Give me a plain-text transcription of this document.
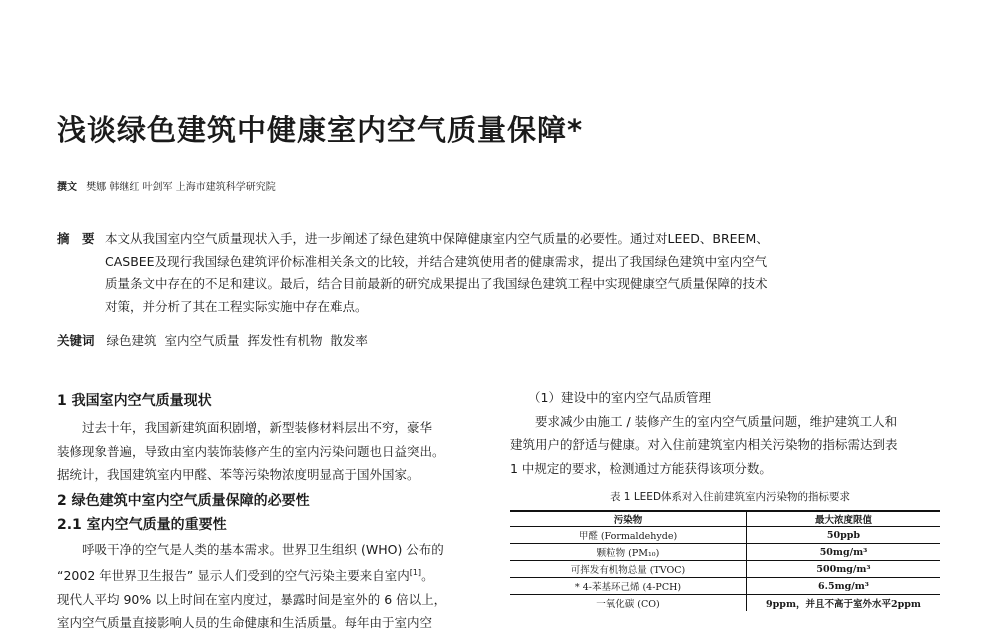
浅谈绿色建筑中健康室内空气质量保障*
撰文 樊娜 韩继红 叶剑军 上海市建筑科学研究院
摘　要 本文从我国室内空气质量现状入手，进一步阐述了绿色建筑中保障健康室内空气质量的必要性。通过对LEED、BREEM、
CASBEE及现行我国绿色建筑评价标准相关条文的比较，并结合建筑使用者的健康需求，提出了我国绿色建筑中室内空气
质量条文中存在的不足和建议。最后，结合目前最新的研究成果提出了我国绿色建筑工程中实现健康空气质量保障的技术
对策，并分析了其在工程实际实施中存在难点。
关键词 绿色建筑 室内空气质量 挥发性有机物 散发率
1 我国室内空气质量现状
过去十年，我国新建筑面积剧增，新型装修材料层出不穷，豪华
装修现象普遍，导致由室内装饰装修产生的室内污染问题也日益突出。
据统计，我国建筑室内甲醛、苯等污染物浓度明显高于国外国家。
2 绿色建筑中室内空气质量保障的必要性
2.1 室内空气质量的重要性
呼吸干净的空气是人类的基本需求。世界卫生组织 (WHO) 公布的
“2002 年世界卫生报告” 显示人们受到的空气污染主要来自室内[1]。
现代人平均 90% 以上时间在室内度过，暴露时间是室外的 6 倍以上，
室内空气质量直接影响人员的生命健康和生活质量。每年由于室内空
（1）建设中的室内空气品质管理
要求减少由施工 / 装修产生的室内空气质量问题，维护建筑工人和
建筑用户的舒适与健康。对入住前建筑室内相关污染物的指标需达到表
1 中规定的要求，检测通过方能获得该项分数。
表 1 LEED体系对入住前建筑室内污染物的指标要求
污染物	最大浓度限值
甲醛 (Formaldehyde)	50ppb
颗粒物 (PM₁₀)	50mg/m³
可挥发有机物总量 (TVOC)	500mg/m³
* 4-苯基环己烯 (4-PCH)	6.5mg/m³
一氧化碳 (CO)	9ppm，并且不高于室外水平2ppm
